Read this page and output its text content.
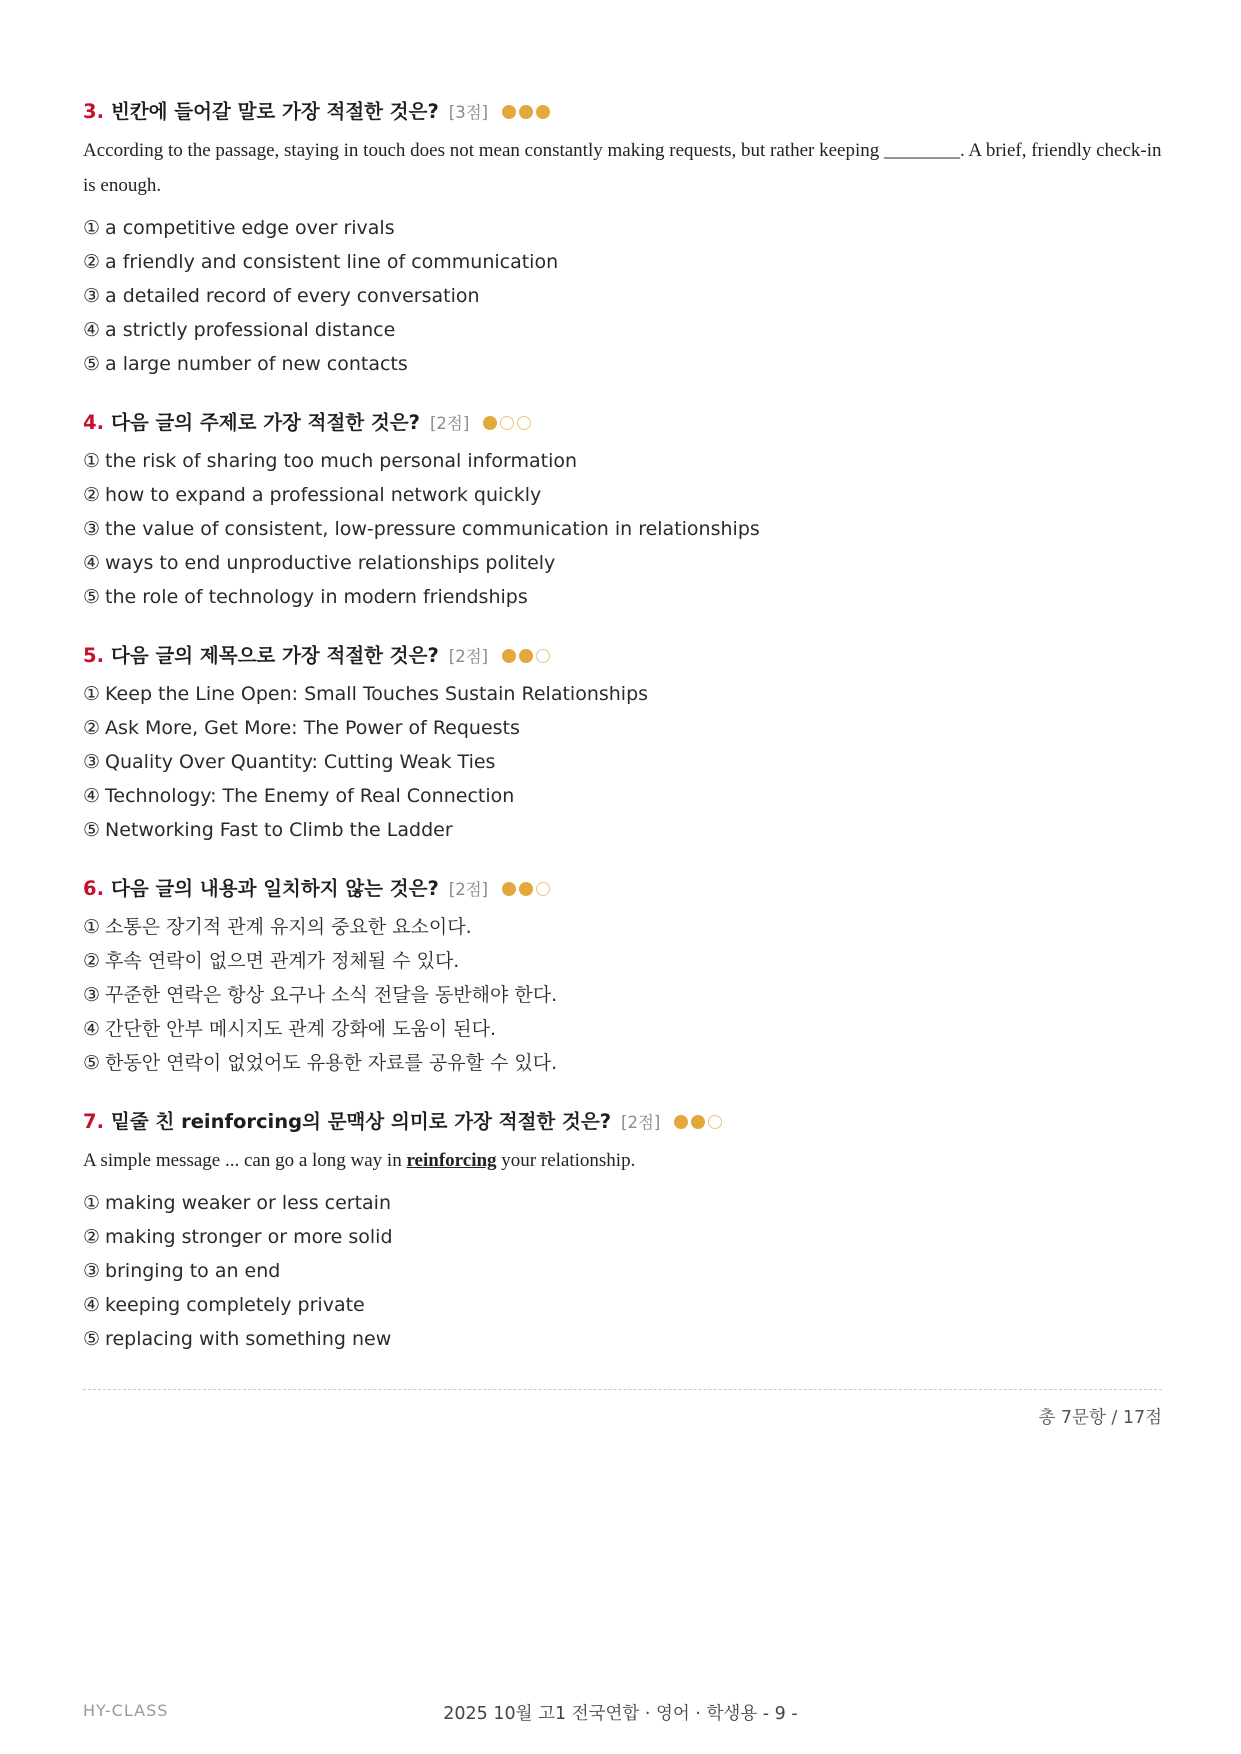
3. 빈칸에 들어갈 말로 가장 적절한 것은? [3점]

According to the passage, staying in touch does not mean constantly making requests, but rather keeping ________. A brief, friendly check-in is enough.

① a competitive edge over rivals
② a friendly and consistent line of communication
③ a detailed record of every conversation
④ a strictly professional distance
⑤ a large number of new contacts
4. 다음 글의 주제로 가장 적절한 것은? [2점]
① the risk of sharing too much personal information
② how to expand a professional network quickly
③ the value of consistent, low-pressure communication in relationships
④ ways to end unproductive relationships politely
⑤ the role of technology in modern friendships
5. 다음 글의 제목으로 가장 적절한 것은? [2점]
① Keep the Line Open: Small Touches Sustain Relationships
② Ask More, Get More: The Power of Requests
③ Quality Over Quantity: Cutting Weak Ties
④ Technology: The Enemy of Real Connection
⑤ Networking Fast to Climb the Ladder
6. 다음 글의 내용과 일치하지 않는 것은? [2점]
① 소통은 장기적 관계 유지의 중요한 요소이다.
② 후속 연락이 없으면 관계가 정체될 수 있다.
③ 꾸준한 연락은 항상 요구나 소식 전달을 동반해야 한다.
④ 간단한 안부 메시지도 관계 강화에 도움이 된다.
⑤ 한동안 연락이 없었어도 유용한 자료를 공유할 수 있다.
7. 밑줄 친 reinforcing의 문맥상 의미로 가장 적절한 것은? [2점]

A simple message ... can go a long way in reinforcing your relationship.

① making weaker or less certain
② making stronger or more solid
③ bringing to an end
④ keeping completely private
⑤ replacing with something new
총 7문항 / 17점
HY-CLASS	2025 10월 고1 전국연합 · 영어 · 학생용 - 9 -
